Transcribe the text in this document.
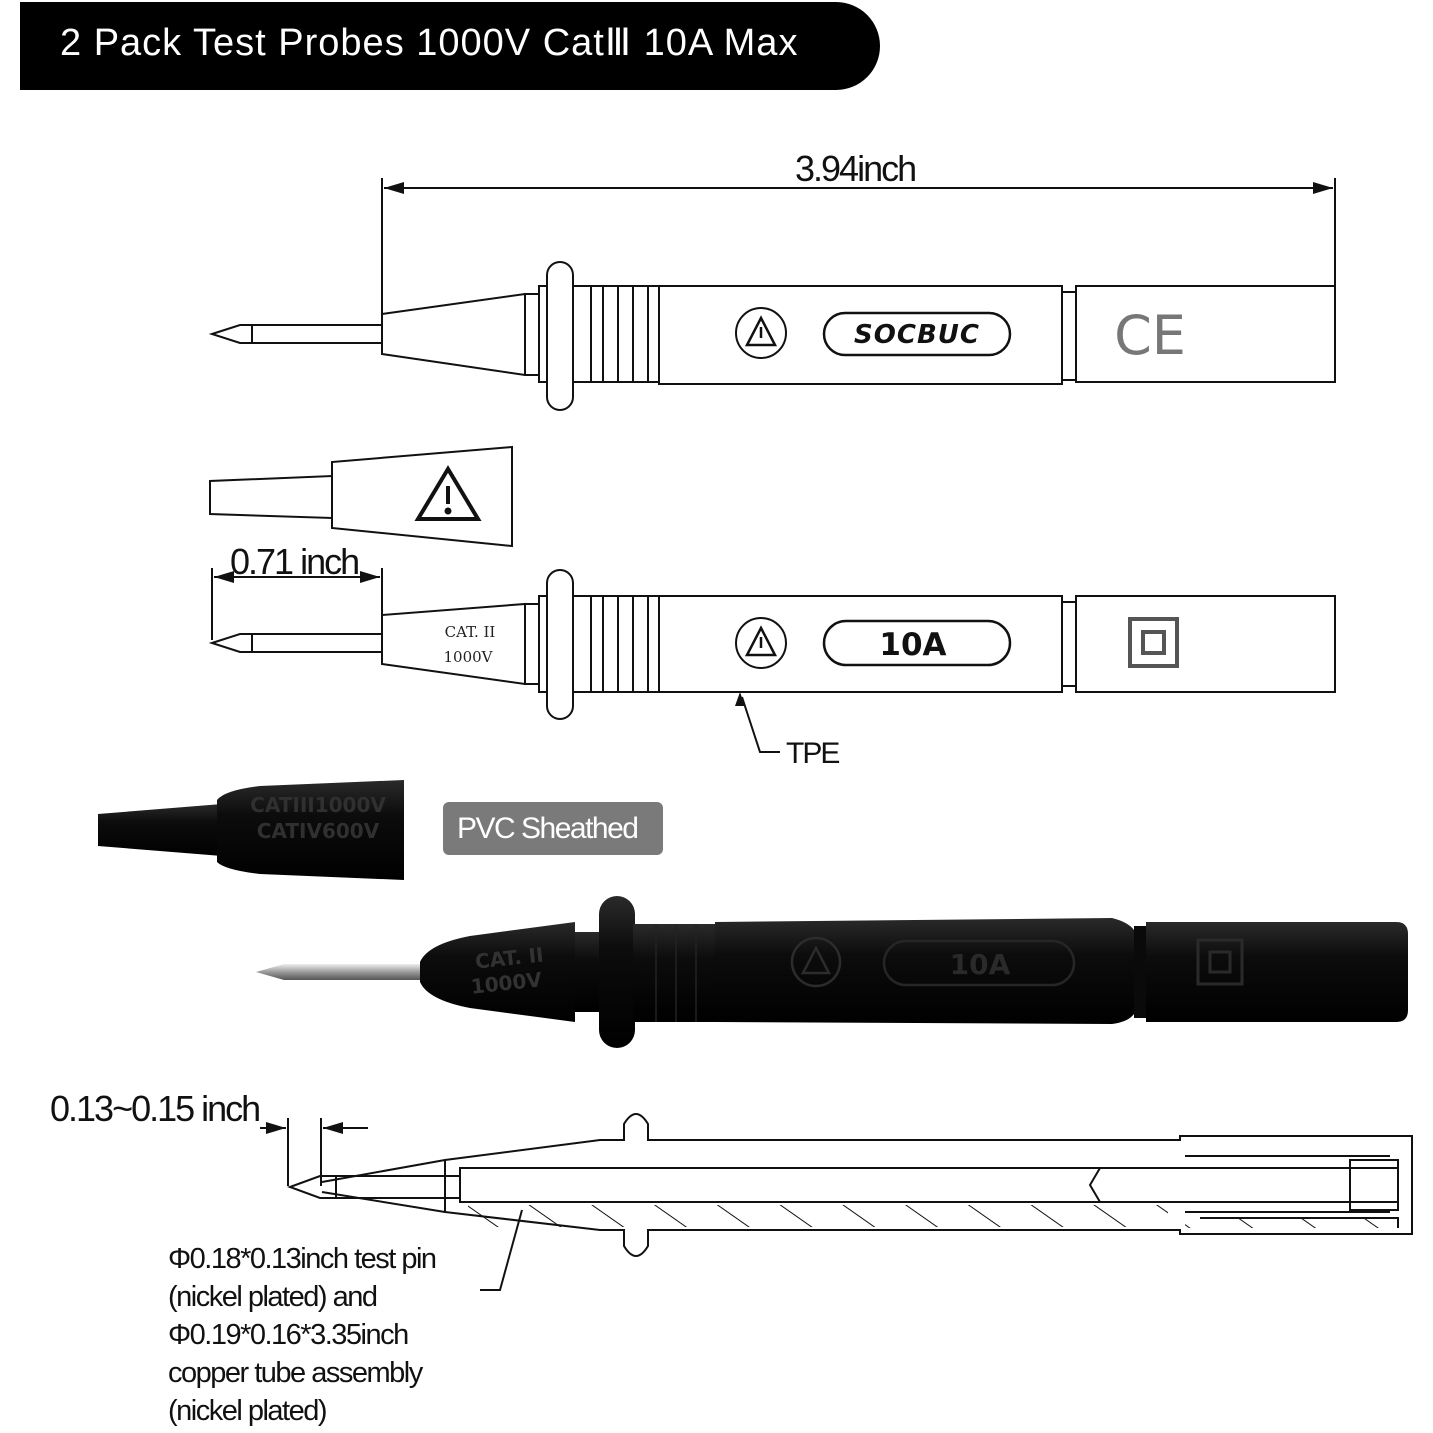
2 Pack Test Probes 1000V CatⅢ 10A Max
SOCBUC CE
CAT. II
1000V	10A
CATIII1000V
CATIV600V
CAT. II
1000V
10A
3.94inch
0.71 inch
TPE
PVC Sheathed
0.13~0.15 inch
Φ0.18*0.13inch test pin
(nickel plated) and
Φ0.19*0.16*3.35inch
copper tube assembly
(nickel plated)
